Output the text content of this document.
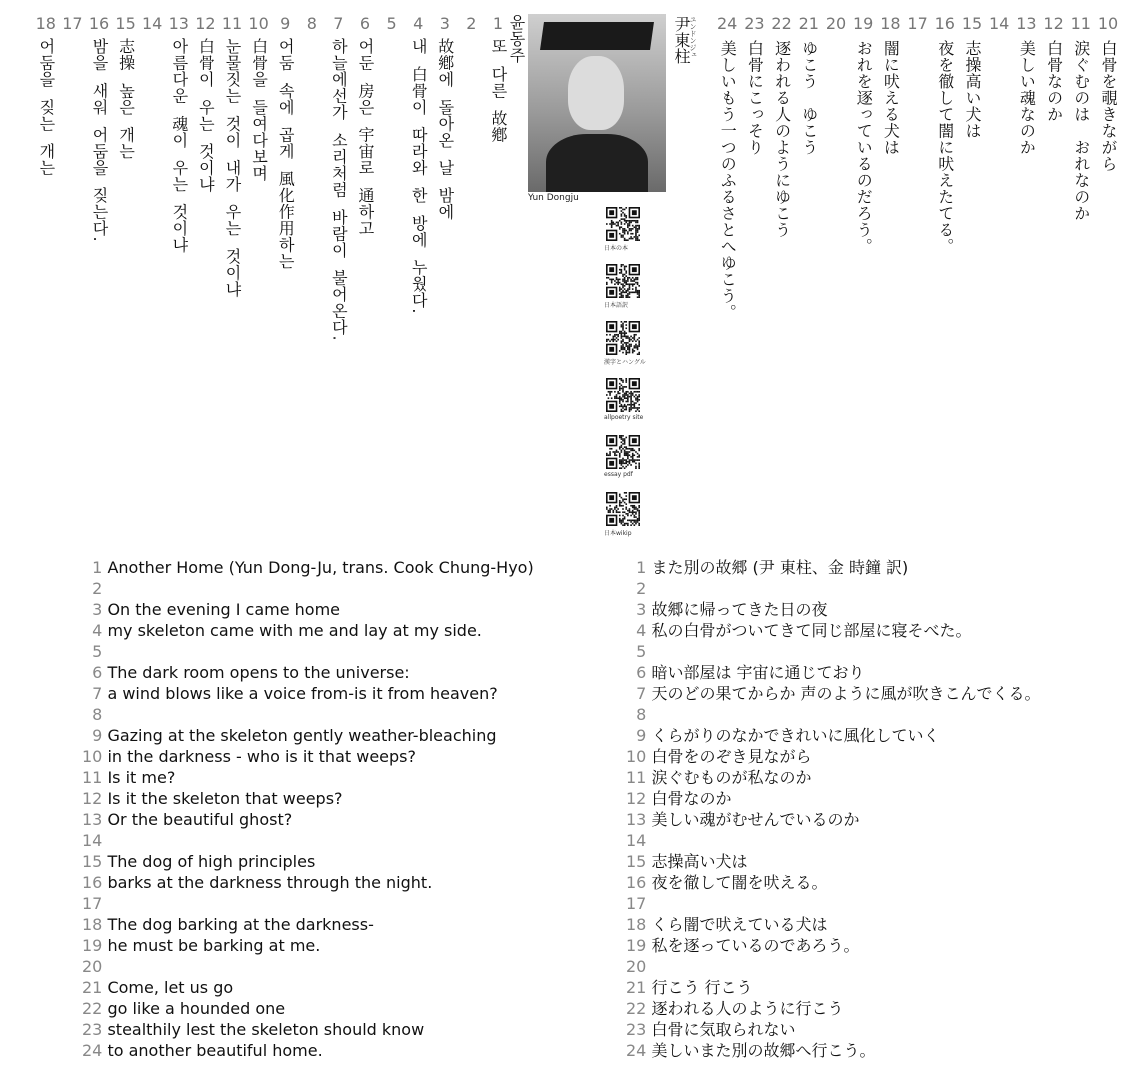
윤동주
1
또  다른  故鄕
2
3
故鄕에  돌아온  날  밤에
4
내  白骨이  따라와  한  방에  누웠다.
5
6
어둔  房은  宇宙로  通하고
7
하늘에선가  소리처럼  바람이  불어온다.
8
9
어둠  속에  곱게  風化作用하는
10
白骨을  들여다보며
11
눈물짓는  것이  내가  우는  것이냐
12
白骨이  우는  것이냐
13
아름다운  魂이  우는  것이냐
14
15
志操  높은  개는
16
밤을  새워  어둠을  짖는다.
17
18
어둠을  짖는  개는
10
白骨を覗きながら
11
涙ぐむのは　おれなのか
12
白骨なのか
13
美しい魂なのか
14
15
志操高い犬は
16
夜を徹して闇に吠えたてる。
17
18
闇に吠える犬は
19
おれを逐っているのだろう。
20
21
ゆこう　ゆこう
22
逐われる人のようにゆこう
23
白骨にこっそり
24
美しいもう一つのふるさとへゆこう。
Yun Dongju
尹東柱
ユンドンジュ
日本の本
日本語訳
漢字とハングル
allpoetry site
essay pdf
日本wikip
 1 Another Home (Yun Dong-Ju, trans. Cook Chung-Hyo)
 2
 3 On the evening I came home
 4 my skeleton came with me and lay at my side.
 5
 6 The dark room opens to the universe:
 7 a wind blows like a voice from-is it from heaven?
 8
 9 Gazing at the skeleton gently weather-bleaching
10 in the darkness - who is it that weeps?
11 Is it me?
12 Is it the skeleton that weeps?
13 Or the beautiful ghost?
14
15 The dog of high principles
16 barks at the darkness through the night.
17
18 The dog barking at the darkness-
19 he must be barking at me.
20
21 Come, let us go
22 go like a hounded one
23 stealthily lest the skeleton should know
24 to another beautiful home.
 1 また別の故郷 (尹 東柱、金 時鐘 訳)
 2
 3 故郷に帰ってきた日の夜
 4 私の白骨がついてきて同じ部屋に寝そべた。
 5
 6 暗い部屋は 宇宙に通じており
 7 天のどの果てからか 声のように風が吹きこんでくる。
 8
 9 くらがりのなかできれいに風化していく
10 白骨をのぞき見ながら
11 涙ぐむものが私なのか
12 白骨なのか
13 美しい魂がむせんでいるのか
14
15 志操高い犬は
16 夜を徹して闇を吠える。
17
18 くら闇で吠えている犬は
19 私を逐っているのであろう。
20
21 行こう 行こう
22 逐われる人のように行こう
23 白骨に気取られない
24 美しいまた別の故郷へ行こう。
